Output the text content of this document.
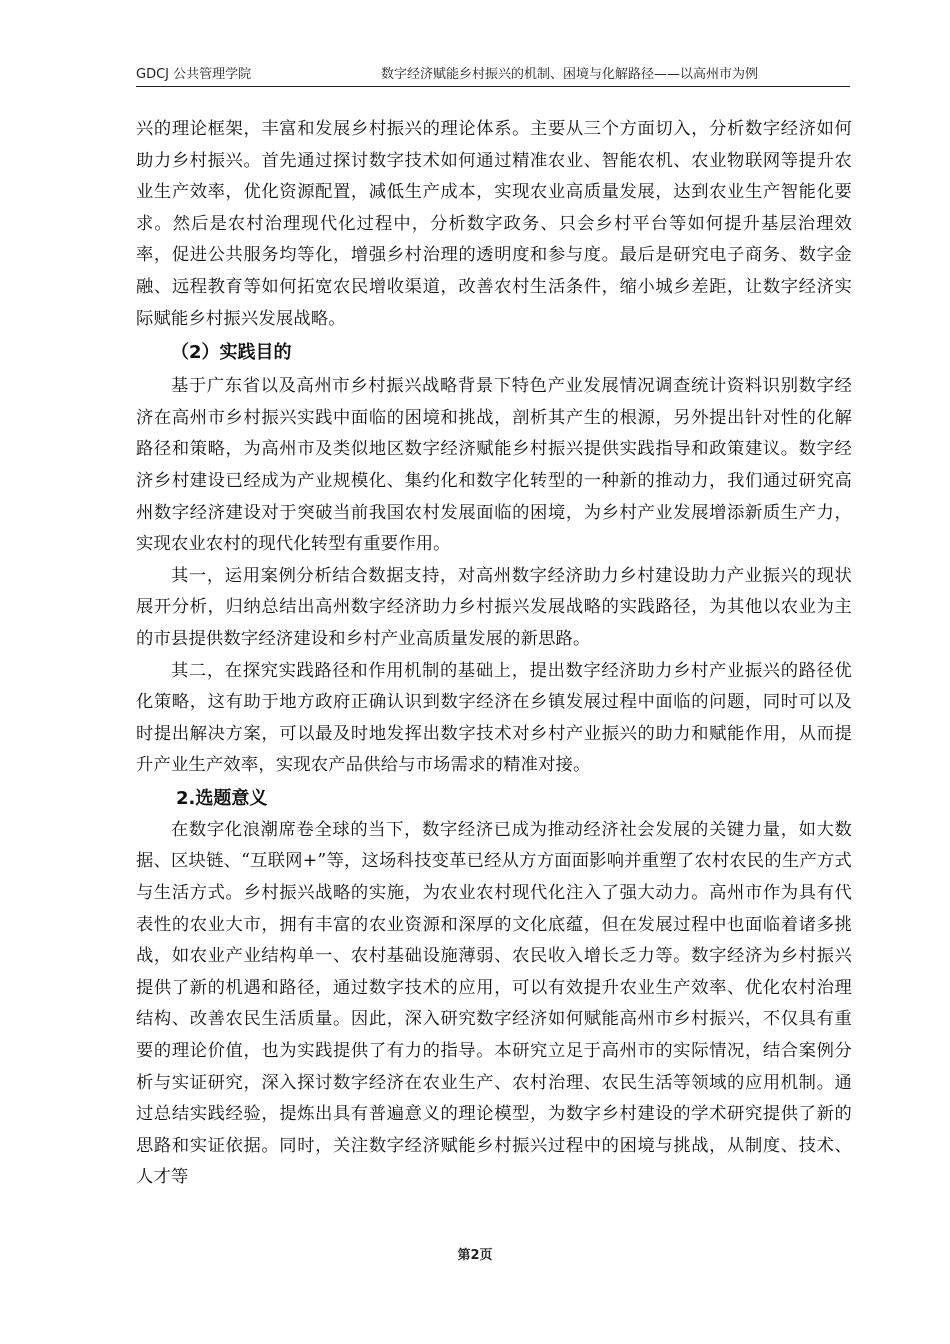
GDCJ 公共管理学院	数字经济赋能乡村振兴的机制、困境与化解路径——以高州市为例

兴的理论框架，丰富和发展乡村振兴的理论体系。主要从三个方面切入，分析数字经济如何助力乡村振兴。首先通过探讨数字技术如何通过精准农业、智能农机、农业物联网等提升农业生产效率，优化资源配置，减低生产成本，实现农业高质量发展，达到农业生产智能化要求。然后是农村治理现代化过程中，分析数字政务、只会乡村平台等如何提升基层治理效率，促进公共服务均等化，增强乡村治理的透明度和参与度。最后是研究电子商务、数字金融、远程教育等如何拓宽农民增收渠道，改善农村生活条件，缩小城乡差距，让数字经济实际赋能乡村振兴发展战略。

（2）实践目的

基于广东省以及高州市乡村振兴战略背景下特色产业发展情况调查统计资料识别数字经济在高州市乡村振兴实践中面临的困境和挑战，剖析其产生的根源，另外提出针对性的化解路径和策略，为高州市及类似地区数字经济赋能乡村振兴提供实践指导和政策建议。数字经济乡村建设已经成为产业规模化、集约化和数字化转型的一种新的推动力，我们通过研究高州数字经济建设对于突破当前我国农村发展面临的困境，为乡村产业发展增添新质生产力，实现农业农村的现代化转型有重要作用。

其一，运用案例分析结合数据支持，对高州数字经济助力乡村建设助力产业振兴的现状展开分析，归纳总结出高州数字经济助力乡村振兴发展战略的实践路径，为其他以农业为主的市县提供数字经济建设和乡村产业高质量发展的新思路。

其二，在探究实践路径和作用机制的基础上，提出数字经济助力乡村产业振兴的路径优化策略，这有助于地方政府正确认识到数字经济在乡镇发展过程中面临的问题，同时可以及时提出解决方案，可以最及时地发挥出数字技术对乡村产业振兴的助力和赋能作用，从而提升产业生产效率，实现农产品供给与市场需求的精准对接。

2.选题意义

在数字化浪潮席卷全球的当下，数字经济已成为推动经济社会发展的关键力量，如大数据、区块链、“互联网+”等，这场科技变革已经从方方面面影响并重塑了农村农民的生产方式与生活方式。乡村振兴战略的实施，为农业农村现代化注入了强大动力。高州市作为具有代表性的农业大市，拥有丰富的农业资源和深厚的文化底蕴，但在发展过程中也面临着诸多挑战，如农业产业结构单一、农村基础设施薄弱、农民收入增长乏力等。数字经济为乡村振兴提供了新的机遇和路径，通过数字技术的应用，可以有效提升农业生产效率、优化农村治理结构、改善农民生活质量。因此，深入研究数字经济如何赋能高州市乡村振兴，不仅具有重要的理论价值，也为实践提供了有力的指导。本研究立足于高州市的实际情况，结合案例分析与实证研究，深入探讨数字经济在农业生产、农村治理、农民生活等领域的应用机制。通过总结实践经验，提炼出具有普遍意义的理论模型，为数字乡村建设的学术研究提供了新的思路和实证依据。同时，关注数字经济赋能乡村振兴过程中的困境与挑战，从制度、技术、人才等

第2页
